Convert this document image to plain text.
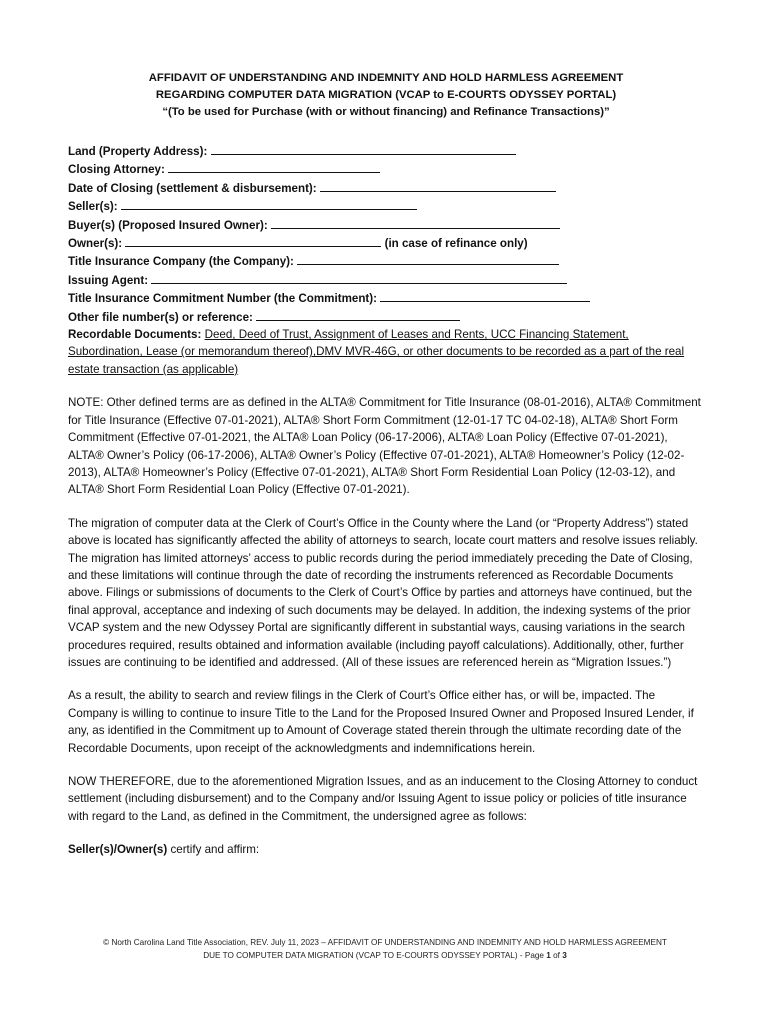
AFFIDAVIT OF UNDERSTANDING AND INDEMNITY AND HOLD HARMLESS AGREEMENT
REGARDING COMPUTER DATA MIGRATION (VCAP to E-COURTS ODYSSEY PORTAL)
“(To be used for Purchase (with or without financing) and Refinance Transactions)”
Land (Property Address):
Closing Attorney:
Date of Closing (settlement & disbursement):
Seller(s):
Buyer(s) (Proposed Insured Owner):
Owner(s):	(in case of refinance only)
Title Insurance Company (the Company):
Issuing Agent:
Title Insurance Commitment Number (the Commitment):
Other file number(s) or reference:
Recordable Documents: Deed, Deed of Trust, Assignment of Leases and Rents, UCC Financing Statement, Subordination, Lease (or memorandum thereof),DMV MVR-46G, or other documents to be recorded as a part of the real estate transaction (as applicable)
NOTE: Other defined terms are as defined in the ALTA® Commitment for Title Insurance (08-01-2016), ALTA® Commitment for Title Insurance (Effective 07-01-2021), ALTA® Short Form Commitment (12-01-17 TC 04-02-18), ALTA® Short Form Commitment (Effective 07-01-2021, the ALTA® Loan Policy (06-17-2006), ALTA® Loan Policy (Effective 07-01-2021), ALTA® Owner’s Policy (06-17-2006), ALTA® Owner’s Policy (Effective 07-01-2021), ALTA® Homeowner’s Policy (12-02-2013), ALTA® Homeowner’s Policy (Effective 07-01-2021), ALTA® Short Form Residential Loan Policy (12-03-12), and ALTA® Short Form Residential Loan Policy (Effective 07-01-2021).
The migration of computer data at the Clerk of Court’s Office in the County where the Land (or “Property Address”) stated above is located has significantly affected the ability of attorneys to search, locate court matters and resolve issues reliably. The migration has limited attorneys’ access to public records during the period immediately preceding the Date of Closing, and these limitations will continue through the date of recording the instruments referenced as Recordable Documents above. Filings or submissions of documents to the Clerk of Court’s Office by parties and attorneys have continued, but the final approval, acceptance and indexing of such documents may be delayed. In addition, the indexing systems of the prior VCAP system and the new Odyssey Portal are significantly different in substantial ways, causing variations in the search procedures required, results obtained and information available (including payoff calculations). Additionally, other, further issues are continuing to be identified and addressed. (All of these issues are referenced herein as “Migration Issues.”)
As a result, the ability to search and review filings in the Clerk of Court’s Office either has, or will be, impacted. The Company is willing to continue to insure Title to the Land for the Proposed Insured Owner and Proposed Insured Lender, if any, as identified in the Commitment up to Amount of Coverage stated therein through the ultimate recording date of the Recordable Documents, upon receipt of the acknowledgments and indemnifications herein.
NOW THEREFORE, due to the aforementioned Migration Issues, and as an inducement to the Closing Attorney to conduct settlement (including disbursement) and to the Company and/or Issuing Agent to issue policy or policies of title insurance with regard to the Land, as defined in the Commitment, the undersigned agree as follows:
Seller(s)/Owner(s) certify and affirm:
© North Carolina Land Title Association, REV. July 11, 2023 – AFFIDAVIT OF UNDERSTANDING AND INDEMNITY AND HOLD HARMLESS AGREEMENT
DUE TO COMPUTER DATA MIGRATION (VCAP TO E-COURTS ODYSSEY PORTAL) - Page 1 of 3
